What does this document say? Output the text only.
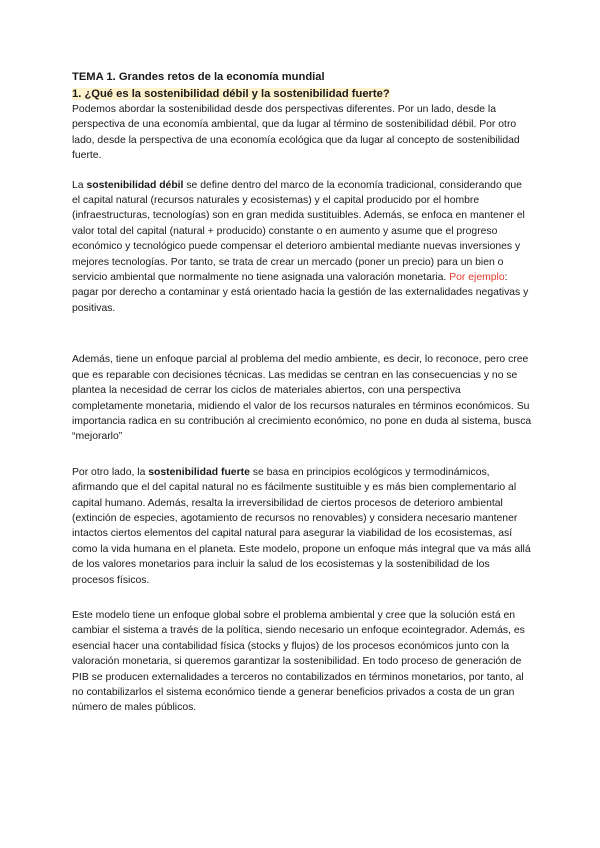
TEMA 1. Grandes retos de la economía mundial
1. ¿Qué es la sostenibilidad débil y la sostenibilidad fuerte?

Podemos abordar la sostenibilidad desde dos perspectivas diferentes. Por un lado, desde la perspectiva de una economía ambiental, que da lugar al término de sostenibilidad débil. Por otro lado, desde la perspectiva de una economía ecológica que da lugar al concepto de sostenibilidad fuerte.

La sostenibilidad débil se define dentro del marco de la economía tradicional, considerando que el capital natural (recursos naturales y ecosistemas) y el capital producido por el hombre (infraestructuras, tecnologías) son en gran medida sustituibles. Además, se enfoca en mantener el valor total del capital (natural + producido) constante o en aumento y asume que el progreso económico y tecnológico puede compensar el deterioro ambiental mediante nuevas inversiones y mejores tecnologías. Por tanto, se trata de crear un mercado (poner un precio) para un bien o servicio ambiental que normalmente no tiene asignada una valoración monetaria. Por ejemplo: pagar por derecho a contaminar y está orientado hacia la gestión de las externalidades negativas y positivas.

Además, tiene un enfoque parcial al problema del medio ambiente, es decir, lo reconoce, pero cree que es reparable con decisiones técnicas. Las medidas se centran en las consecuencias y no se plantea la necesidad de cerrar los ciclos de materiales abiertos, con una perspectiva completamente monetaria, midiendo el valor de los recursos naturales en términos económicos. Su importancia radica en su contribución al crecimiento económico, no pone en duda al sistema, busca “mejorarlo”

Por otro lado, la sostenibilidad fuerte se basa en principios ecológicos y termodinámicos, afirmando que el del capital natural no es fácilmente sustituible y es más bien complementario al capital humano. Además, resalta la irreversibilidad de ciertos procesos de deterioro ambiental (extinción de especies, agotamiento de recursos no renovables) y considera necesario mantener intactos ciertos elementos del capital natural para asegurar la viabilidad de los ecosistemas, así como la vida humana en el planeta. Este modelo, propone un enfoque más integral que va más allá de los valores monetarios para incluir la salud de los ecosistemas y la sostenibilidad de los procesos físicos.

Este modelo tiene un enfoque global sobre el problema ambiental y cree que la solución está en cambiar el sistema a través de la política, siendo necesario un enfoque ecointegrador. Además, es esencial hacer una contabilidad física (stocks y flujos) de los procesos económicos junto con la valoración monetaria, si queremos garantizar la sostenibilidad. En todo proceso de generación de PIB se producen externalidades a terceros no contabilizados en términos monetarios, por tanto, al no contabilizarlos el sistema económico tiende a generar beneficios privados a costa de un gran número de males públicos.
